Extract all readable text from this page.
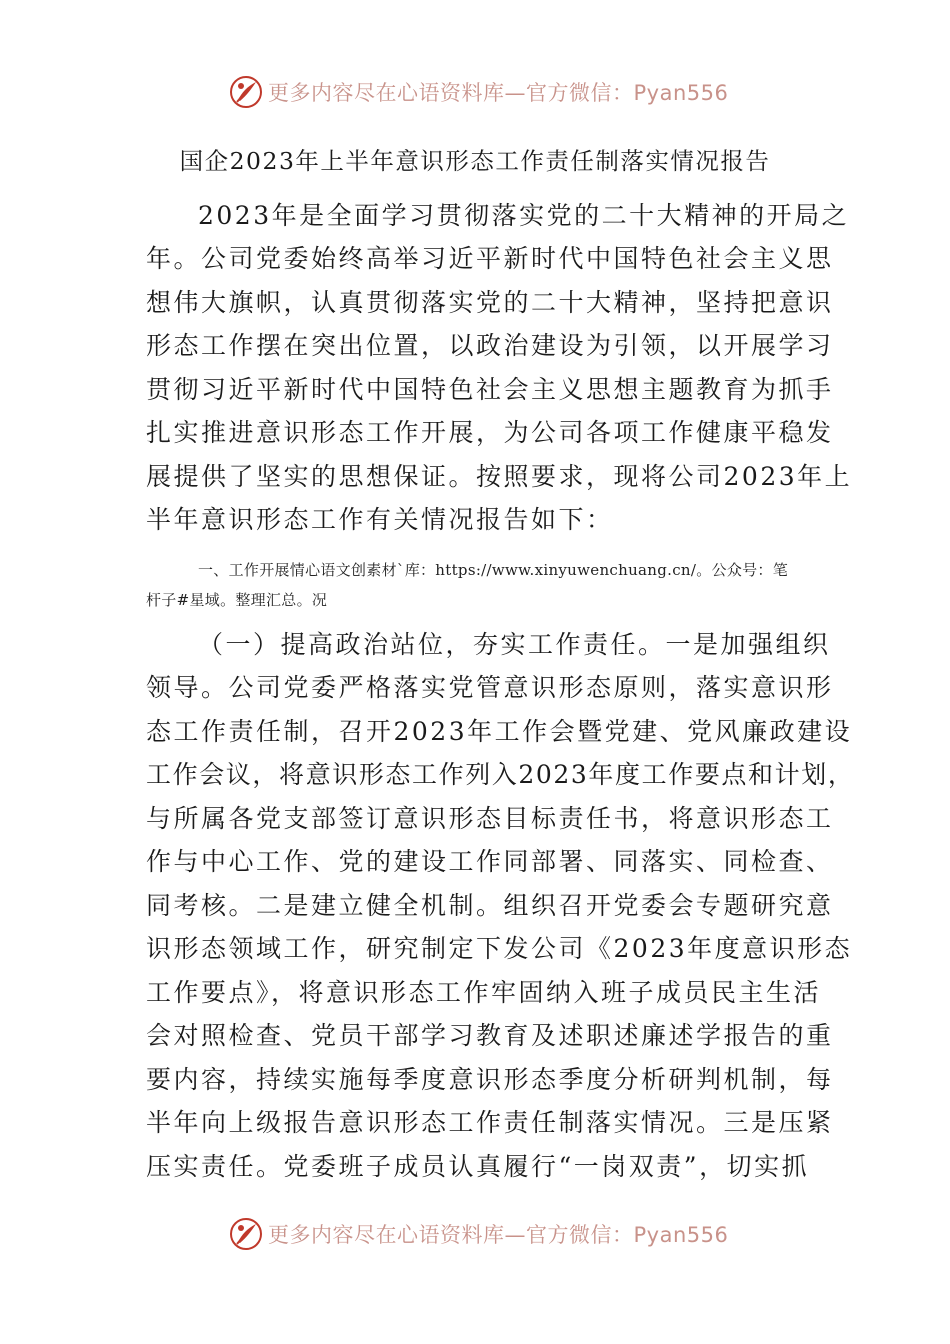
更多内容尽在心语资料库—官方微信：Pyan556
国企2023年上半年意识形态工作责任制落实情况报告
2023年是全面学习贯彻落实党的二十大精神的开局之
年。公司党委始终高举习近平新时代中国特色社会主义思
想伟大旗帜，认真贯彻落实党的二十大精神，坚持把意识
形态工作摆在突出位置，以政治建设为引领，以开展学习
贯彻习近平新时代中国特色社会主义思想主题教育为抓手
扎实推进意识形态工作开展，为公司各项工作健康平稳发
展提供了坚实的思想保证。按照要求，现将公司2023年上
半年意识形态工作有关情况报告如下：
一、工作开展情心语文创素材`库：https://www.xinyuwenchuang.cn/。公众号：笔
杆子#星域。整理汇总。况
（一）提高政治站位，夯实工作责任。一是加强组织
领导。公司党委严格落实党管意识形态原则，落实意识形
态工作责任制，召开2023年工作会暨党建、党风廉政建设
工作会议，将意识形态工作列入2023年度工作要点和计划，
与所属各党支部签订意识形态目标责任书，将意识形态工
作与中心工作、党的建设工作同部署、同落实、同检查、
同考核。二是建立健全机制。组织召开党委会专题研究意
识形态领域工作，研究制定下发公司《2023年度意识形态
工作要点》，将意识形态工作牢固纳入班子成员民主生活
会对照检查、党员干部学习教育及述职述廉述学报告的重
要内容，持续实施每季度意识形态季度分析研判机制，每
半年向上级报告意识形态工作责任制落实情况。三是压紧
压实责任。党委班子成员认真履行“一岗双责”，切实抓
更多内容尽在心语资料库—官方微信：Pyan556
